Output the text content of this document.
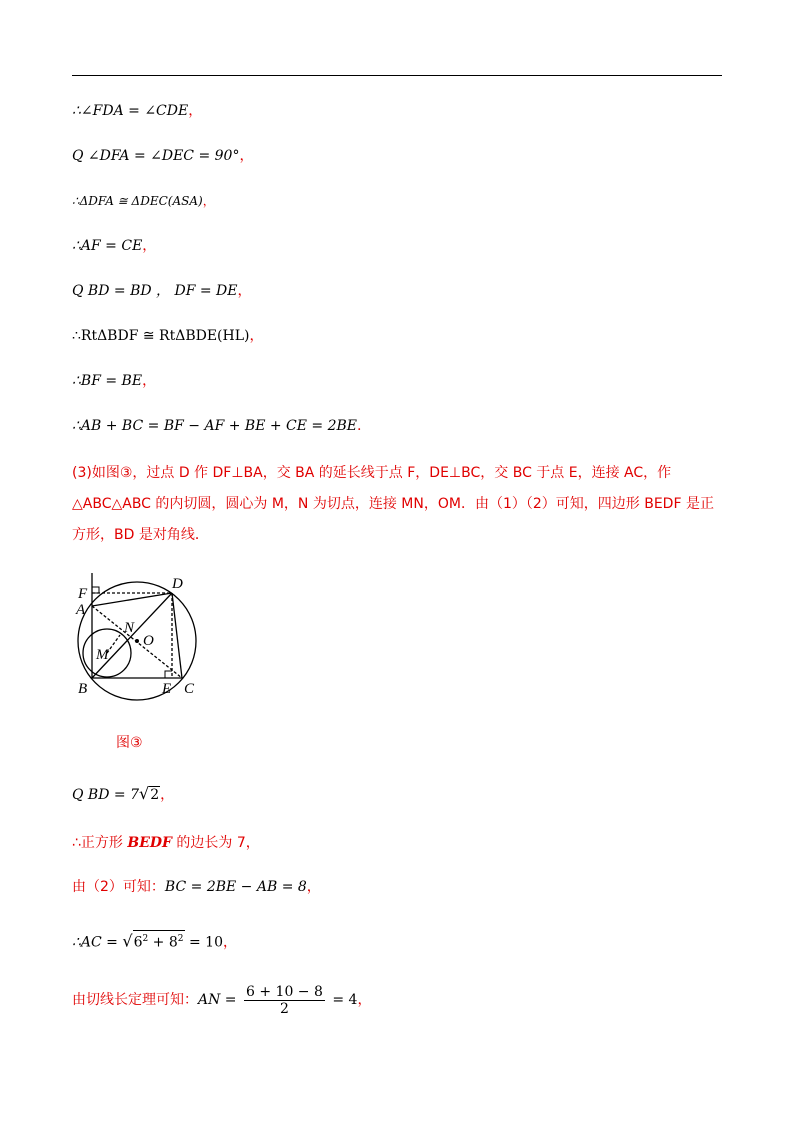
∴∠FDA = ∠CDE，
Q ∠DFA = ∠DEC = 90°，
∴ΔDFA ≅ ΔDEC(ASA)，
∴AF = CE，
Q BD = BD ， DF = DE，
∴RtΔBDF ≅ RtΔBDE(HL)，
∴BF = BE，
∴AB + BC = BF − AF + BE + CE = 2BE.
(3)如图③，过点 D 作 DF⊥BA，交 BA 的延长线于点 F，DE⊥BC，交 BC 于点 E，连接 AC，作△ABC△ABC 的内切圆，圆心为 M，N 为切点，连接 MN，OM．由（1）（2）可知，四边形 BEDF 是正方形，BD 是对角线．
D
F
A
N
O
M
B	E C
图③
Q BD = 7√2，
∴正方形 BEDF 的边长为 7，
由（2）可知：BC = 2BE − AB = 8，
∴AC = $√6^2 + 8^2 = 10$，
由切线长定理可知：AN = $\frac{6 + 10 - 8}{2} = 4$，
